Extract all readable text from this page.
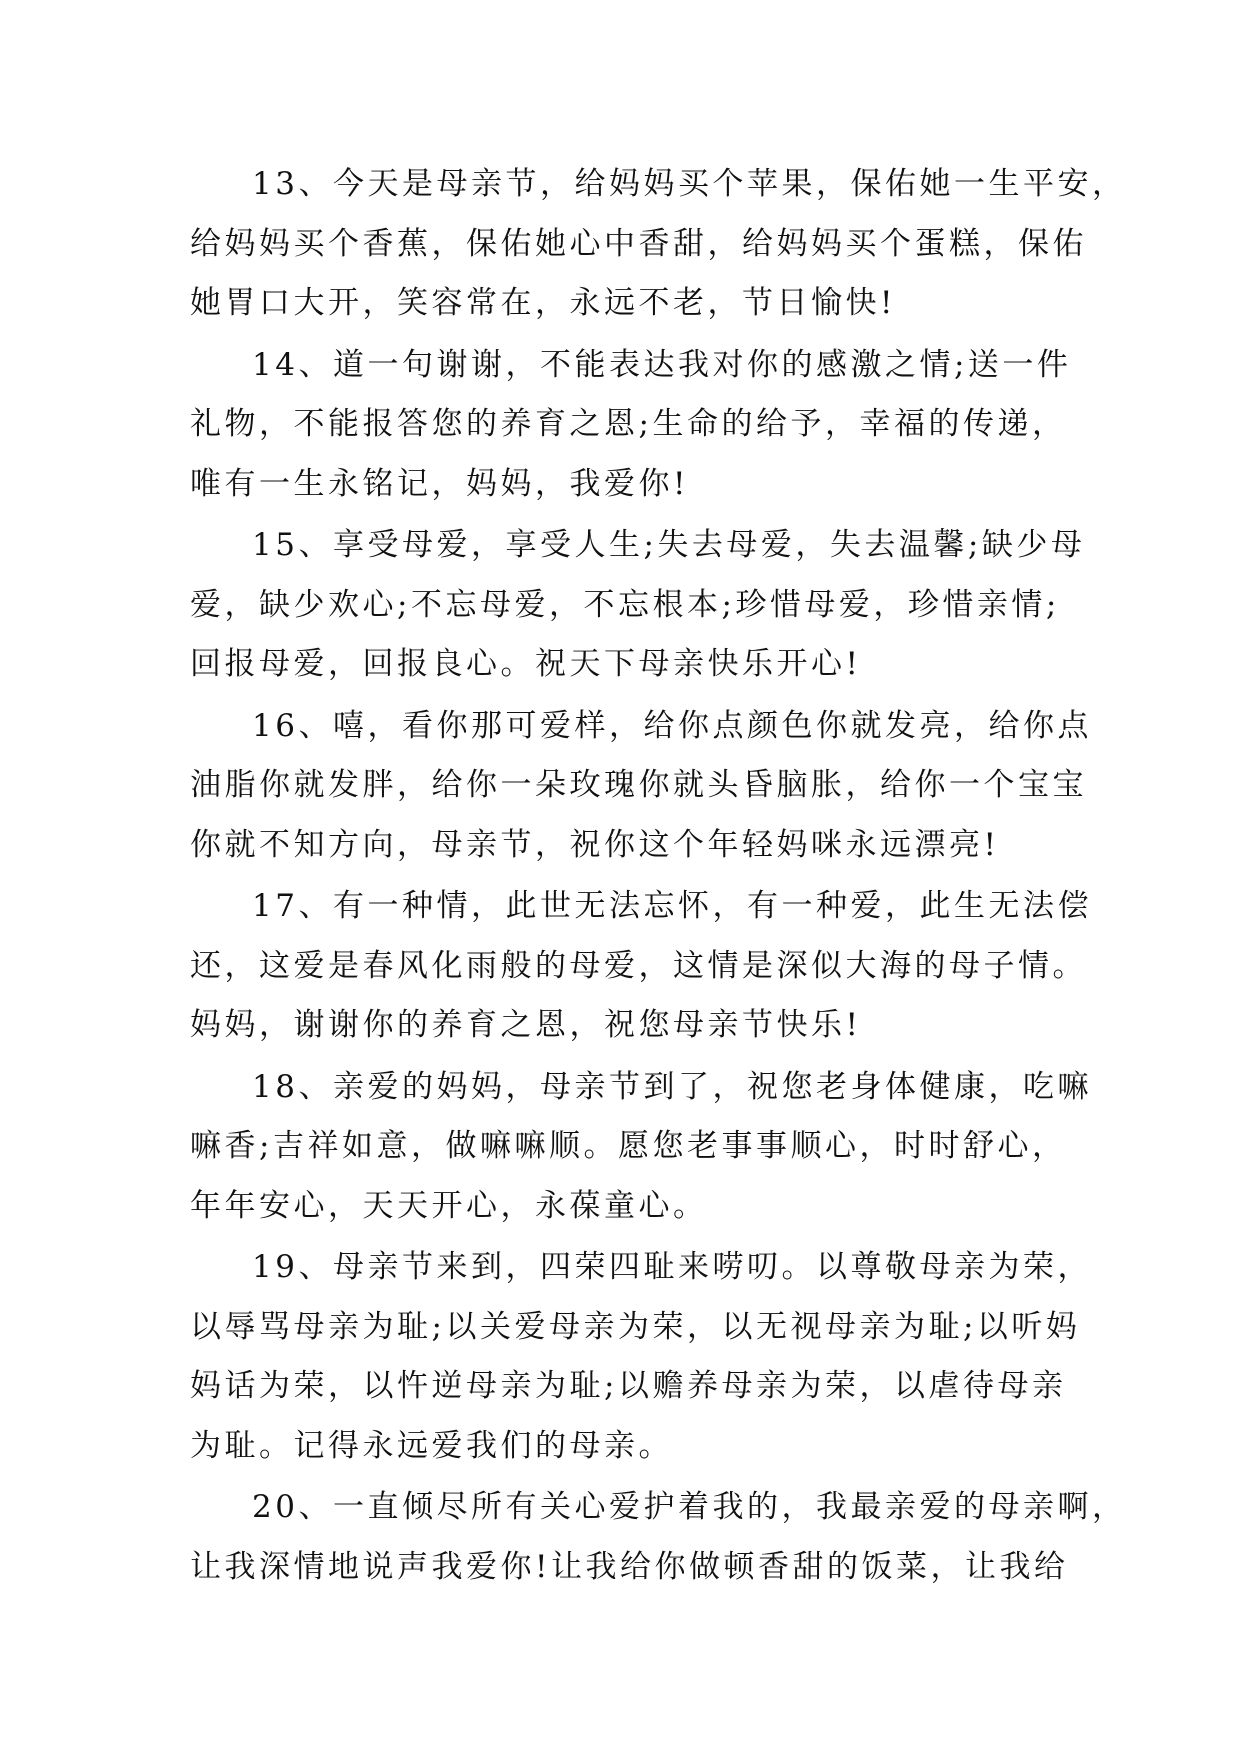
13、今天是母亲节，给妈妈买个苹果，保佑她一生平安，
给妈妈买个香蕉，保佑她心中香甜，给妈妈买个蛋糕，保佑
她胃口大开，笑容常在，永远不老，节日愉快!

14、道一句谢谢，不能表达我对你的感激之情;送一件
礼物，不能报答您的养育之恩;生命的给予，幸福的传递，
唯有一生永铭记，妈妈，我爱你!

15、享受母爱，享受人生;失去母爱，失去温馨;缺少母
爱，缺少欢心;不忘母爱，不忘根本;珍惜母爱，珍惜亲情;
回报母爱，回报良心。祝天下母亲快乐开心!

16、嘻，看你那可爱样，给你点颜色你就发亮，给你点
油脂你就发胖，给你一朵玫瑰你就头昏脑胀，给你一个宝宝
你就不知方向，母亲节，祝你这个年轻妈咪永远漂亮!

17、有一种情，此世无法忘怀，有一种爱，此生无法偿
还，这爱是春风化雨般的母爱，这情是深似大海的母子情。
妈妈，谢谢你的养育之恩，祝您母亲节快乐!

18、亲爱的妈妈，母亲节到了，祝您老身体健康，吃嘛
嘛香;吉祥如意，做嘛嘛顺。愿您老事事顺心，时时舒心，
年年安心，天天开心，永葆童心。

19、母亲节来到，四荣四耻来唠叨。以尊敬母亲为荣，
以辱骂母亲为耻;以关爱母亲为荣，以无视母亲为耻;以听妈
妈话为荣，以忤逆母亲为耻;以赡养母亲为荣，以虐待母亲
为耻。记得永远爱我们的母亲。

20、一直倾尽所有关心爱护着我的，我最亲爱的母亲啊，
让我深情地说声我爱你!让我给你做顿香甜的饭菜，让我给
